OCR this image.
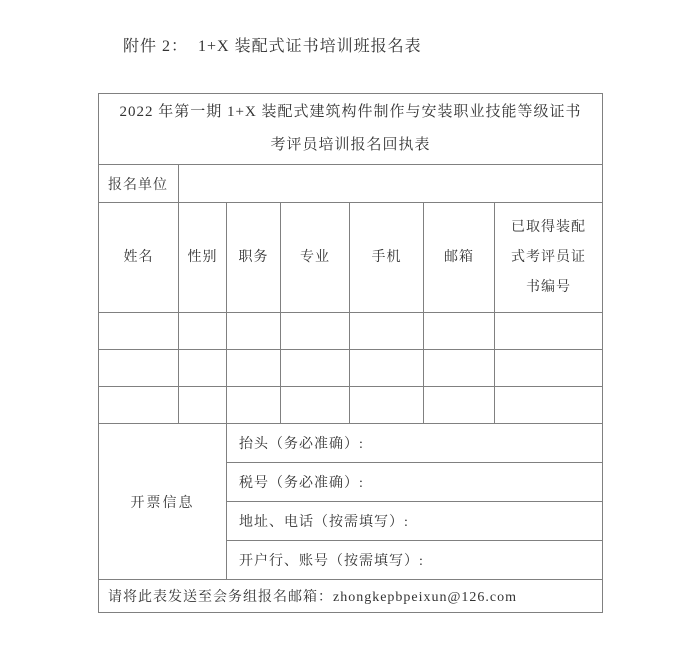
附件 2：  1+X 装配式证书培训班报名表
2022 年第一期 1+X 装配式建筑构件制作与安装职业技能等级证书
考评员培训报名回执表						

报名单位						
姓名	性别	职务	专业	手机	邮箱	已取得装配式考评员证书编号

开票信息		抬头（务必准确）:				
		税号（务必准确）:				
		地址、电话（按需填写）:				
		开户行、账号（按需填写）:				
请将此表发送至会务组报名邮箱：zhongkepbpeixun@126.com						
